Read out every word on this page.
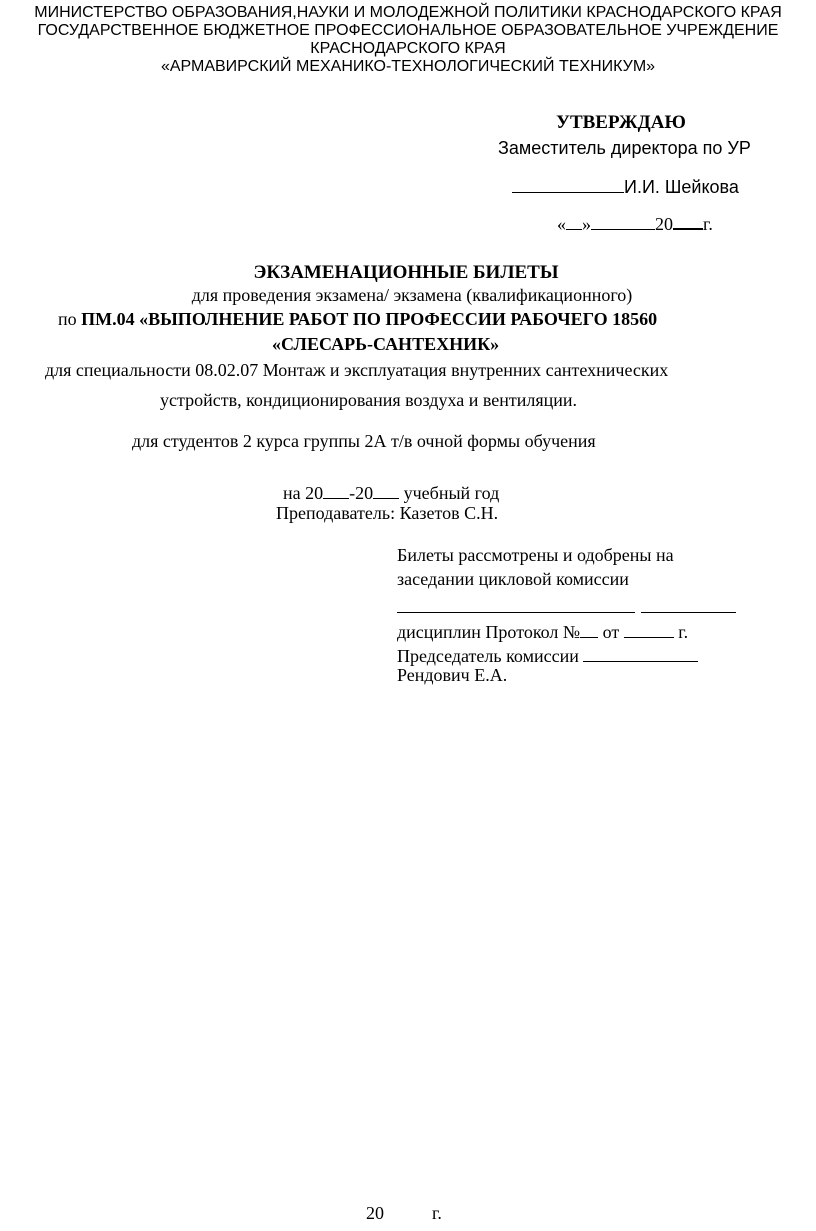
МИНИСТЕРСТВО ОБРАЗОВАНИЯ,НАУКИ И МОЛОДЕЖНОЙ ПОЛИТИКИ КРАСНОДАРСКОГО КРАЯ
ГОСУДАРСТВЕННОЕ БЮДЖЕТНОЕ ПРОФЕССИОНАЛЬНОЕ ОБРАЗОВАТЕЛЬНОЕ УЧРЕЖДЕНИЕ
КРАСНОДАРСКОГО КРАЯ
«АРМАВИРСКИЙ МЕХАНИКО-ТЕХНОЛОГИЧЕСКИЙ ТЕХНИКУМ»
УТВЕРЖДАЮ
Заместитель директора по УР
И.И. Шейкова
« »	20 г.
ЭКЗАМЕНАЦИОННЫЕ БИЛЕТЫ
для проведения экзамена/ экзамена (квалификационного)
по ПМ.04 «ВЫПОЛНЕНИЕ РАБОТ ПО ПРОФЕССИИ РАБОЧЕГО 18560
«СЛЕСАРЬ-САНТЕХНИК»
для специальности 08.02.07 Монтаж и эксплуатация внутренних сантехнических
устройств, кондиционирования воздуха и вентиляции.
для студентов 2 курса группы 2А т/в очной формы обучения
на 20 -20 учебный год
Преподаватель: Казетов С.Н.
Билеты рассмотрены и одобрены на
заседании цикловой комиссии
дисциплин Протокол № от	г.
Председатель комиссии
Рендович Е.А.
20	г.
